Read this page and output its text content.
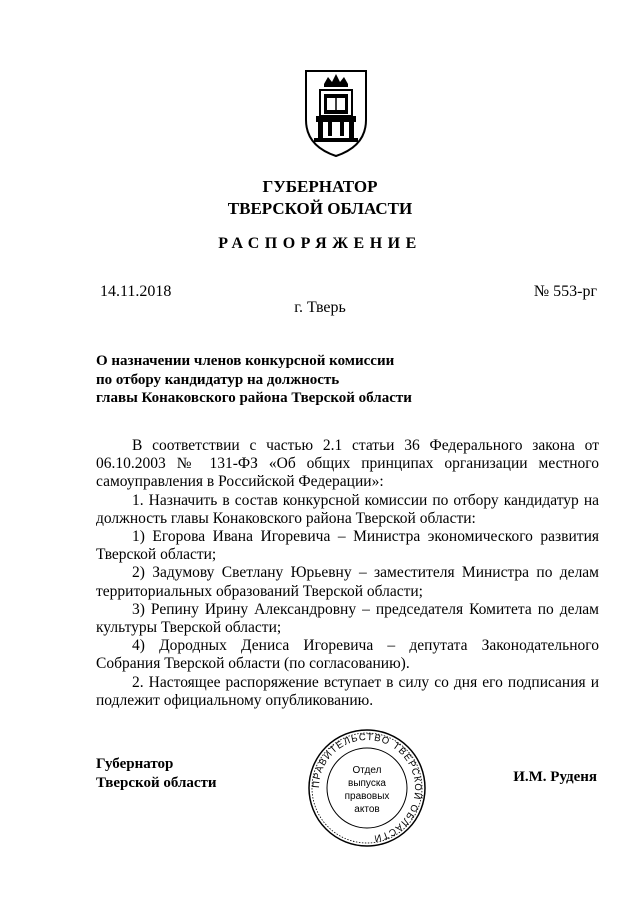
ГУБЕРНАТОР
ТВЕРСКОЙ ОБЛАСТИ
РАСПОРЯЖЕНИЕ
14.11.2018	№ 553-рг
г. Тверь
О назначении членов конкурсной комиссии
по отбору кандидатур на должность
главы Конаковского района Тверской области

В соответствии с частью 2.1 статьи 36 Федерального закона от 06.10.2003 № 131-ФЗ «Об общих принципах организации местного самоуправления в Российской Федерации»:

1. Назначить в состав конкурсной комиссии по отбору кандидатур на должность главы Конаковского района Тверской области:

1) Егорова Ивана Игоревича – Министра экономического развития Тверской области;

2) Задумову Светлану Юрьевну – заместителя Министра по делам территориальных образований Тверской области;

3) Репину Ирину Александровну – председателя Комитета по делам культуры Тверской области;

4) Дородных Дениса Игоревича – депутата Законодательного Собрания Тверской области (по согласованию).

2. Настоящее распоряжение вступает в силу со дня его подписания и подлежит официальному опубликованию.

Губернатор
Тверской области	И.М. Руденя
ПРАВИТЕЛЬСТВО ТВЕРСКОЙ ОБЛАСТИ
Отдел
выпуска
правовых
актов
